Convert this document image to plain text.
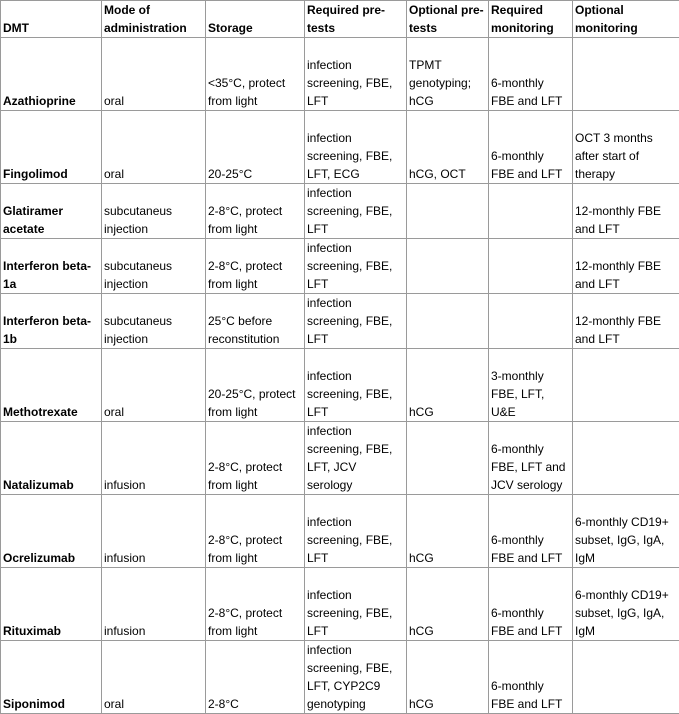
DMT	Mode of administration	Storage	Required pre-tests	Optional pre-tests	Required monitoring	Optional monitoring
Azathioprine	oral	<35°C, protect from light	infection screening, FBE, LFT	TPMT genotyping; hCG	6-monthly FBE and LFT	
Fingolimod	oral	20-25°C	infection screening, FBE, LFT, ECG	hCG, OCT	6-monthly FBE and LFT	OCT 3 months after start of therapy
Glatiramer acetate	subcutaneus injection	2-8°C, protect from light	infection screening, FBE, LFT			12-monthly FBE and LFT
Interferon beta-1a	subcutaneus injection	2-8°C, protect from light	infection screening, FBE, LFT			12-monthly FBE and LFT
Interferon beta-1b	subcutaneus injection	25°C before reconstitution	infection screening, FBE, LFT			12-monthly FBE and LFT
Methotrexate	oral	20-25°C, protect from light	infection screening, FBE, LFT	hCG	3-monthly FBE, LFT, U&E	
Natalizumab	infusion	2-8°C, protect from light	infection screening, FBE, LFT, JCV serology		6-monthly FBE, LFT and JCV serology	
Ocrelizumab	infusion	2-8°C, protect from light	infection screening, FBE, LFT	hCG	6-monthly FBE and LFT	6-monthly CD19+ subset, IgG, IgA, IgM
Rituximab	infusion	2-8°C, protect from light	infection screening, FBE, LFT	hCG	6-monthly FBE and LFT	6-monthly CD19+ subset, IgG, IgA, IgM
Siponimod	oral	2-8°C	infection screening, FBE, LFT, CYP2C9 genotyping	hCG	6-monthly FBE and LFT	
